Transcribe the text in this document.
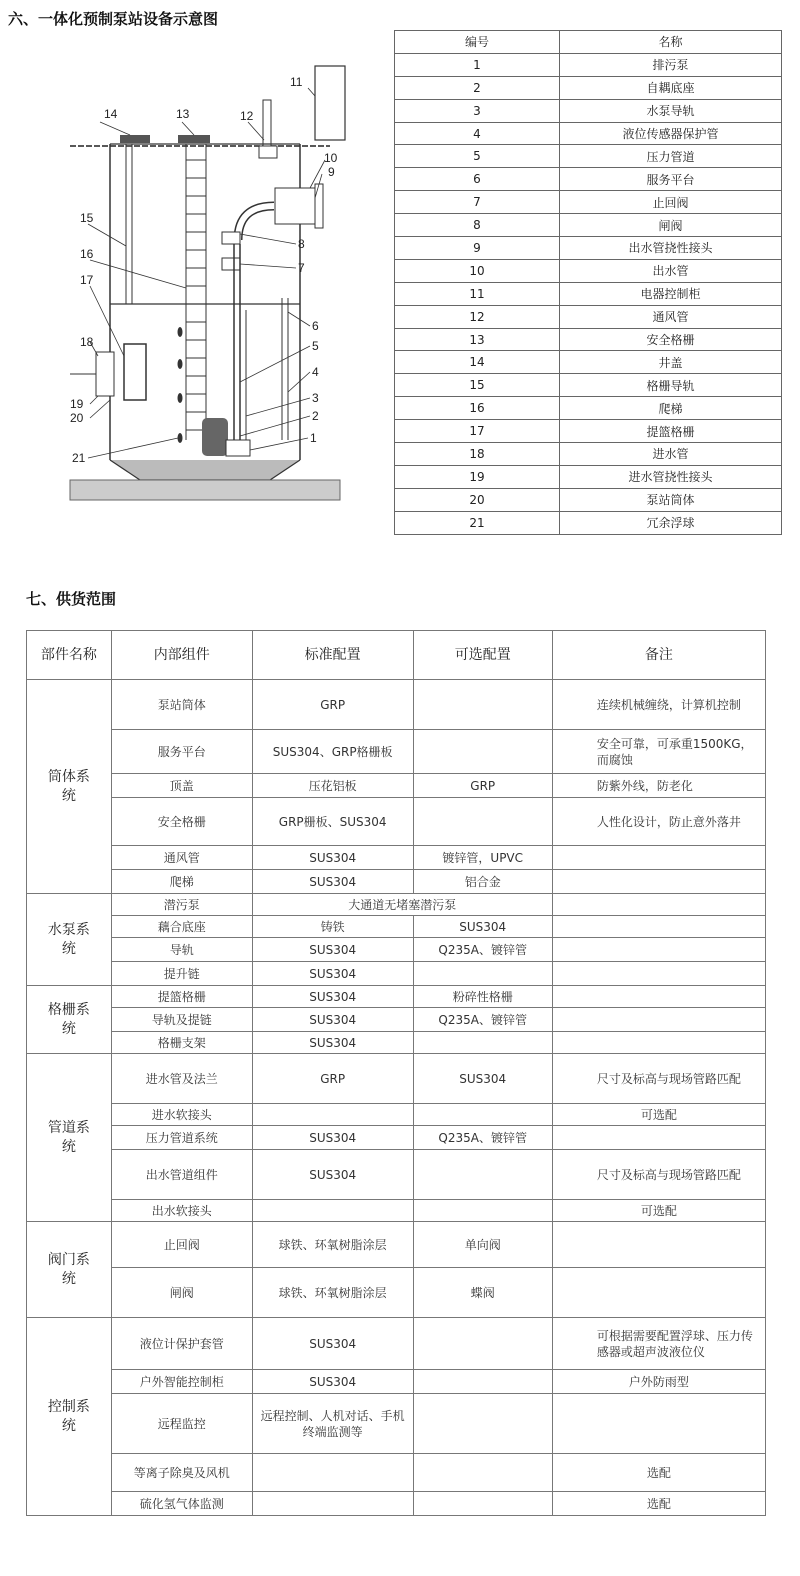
六、一体化预制泵站设备示意图
11
10
9
14	13	12
15
16
8
7
17
6
5
18
4
19
20
3
2
21
1
编号	名称
1	排污泵
2	自耦底座
3	水泵导轨
4	液位传感器保护管
5	压力管道
6	服务平台
7	止回阀
8	闸阀
9	出水管挠性接头
10	出水管
11	电器控制柜
12	通风管
13	安全格栅
14	井盖
15	格栅导轨
16	爬梯
17	提篮格栅
18	进水管
19	进水管挠性接头
20	泵站筒体
21	冗余浮球
七、供货范围
部件名称	内部组件	标准配置	可选配置	备注
筒体系统	泵站筒体	GRP		连续机械缠绕，计算机控制
	服务平台	SUS304、GRP格栅板		安全可靠，可承重1500KG，而腐蚀
	顶盖	压花铝板	GRP	防紫外线，防老化
	安全格栅	GRP栅板、SUS304		人性化设计，防止意外落井
	通风管	SUS304	镀锌管，UPVC	
	爬梯	SUS304	铝合金	
水泵系统	潜污泵	大通道无堵塞潜污泵		
	藕合底座	铸铁	SUS304	
	导轨	SUS304	Q235A、镀锌管	
	提升链	SUS304		
格栅系统	提篮格栅	SUS304	粉碎性格栅	
	导轨及提链	SUS304	Q235A、镀锌管	
	格栅支架	SUS304		
管道系统	进水管及法兰	GRP	SUS304	尺寸及标高与现场管路匹配
	进水软接头			可选配
	压力管道系统	SUS304	Q235A、镀锌管	
	出水管道组件	SUS304		尺寸及标高与现场管路匹配
	出水软接头			可选配
阀门系统	止回阀	球铁、环氧树脂涂层	单向阀	
	闸阀	球铁、环氧树脂涂层	蝶阀	
控制系统	液位计保护套管	SUS304		可根据需要配置浮球、压力传感器或超声波液位仪
	户外智能控制柜	SUS304		户外防雨型
	远程监控	远程控制、人机对话、手机终端监测等		
	等离子除臭及风机			选配
	硫化氢气体监测			选配
